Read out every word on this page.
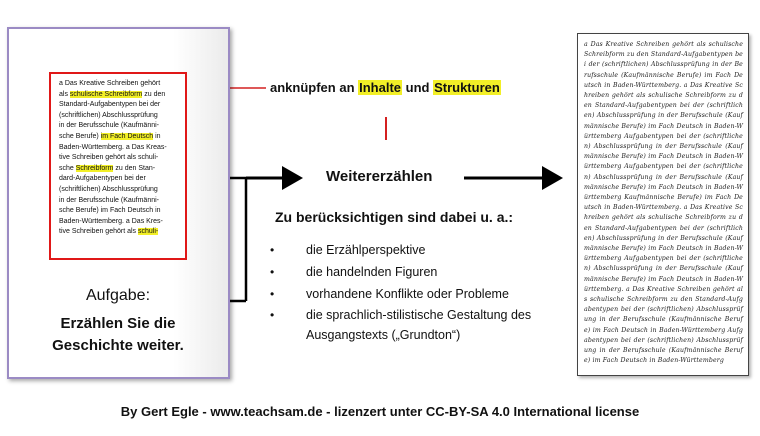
a Das Kreative Schreiben gehört
als schulische Schreibform zu den
Standard-Aufgabentypen bei der
(schriftlichen) Abschlussprüfung
in der Berufsschule (Kaufmänni-
sche Berufe) im Fach Deutsch in
Baden-Württemberg. a Das Kreas-
tive Schreiben gehört als schuli-
sche Schreibform zu den Stan-
dard-Aufgabentypen bei der
(schriftlichen) Abschlussprüfung
in der Berufsschule (Kaufmänni-
sche Berufe) im Fach Deutsch in
Baden-Württemberg. a Das Kres-
tive Schreiben gehört als schuli-

Aufgabe:
Erzählen Sie die
Geschichte weiter.
anknüpfen an Inhalte und Strukturen
Weitererzählen
Zu berücksichtigen sind dabei u. a.:
•	die Erzählperspektive
•	die handelnden Figuren
•	vorhandene Konflikte oder Probleme
•	die sprachlich-stilistische Gestaltung des Ausgangstexts („Grundton“)

a Das Kreative Schreiben gehört als schulische Schreibform zu den Standard-Aufgabentypen bei der (schriftlichen) Abschlussprüfung in der Berufsschule (Kaufmännische Berufe) im Fach Deutsch in Baden-Württemberg. a Das Kreative Schreiben gehört als schulische Schreibform zu den Standard-Aufgabentypen bei der (schriftlichen) Abschlussprüfung in der Berufsschule (Kaufmännische Berufe) im Fach Deutsch in Baden-Württemberg Aufgabentypen bei der (schriftlichen) Abschlussprüfung in der Berufsschule (Kaufmännische Berufe) im Fach Deutsch in Baden-Württemberg Aufgabentypen bei der (schriftlichen) Abschlussprüfung in der Berufsschule (Kaufmännische Berufe) im Fach Deutsch in Baden-Württemberg Kaufmännische Berufe) im Fach Deutsch in Baden-Württemberg. a Das Kreative Schreiben gehört als schulische Schreibform zu den Standard-Aufgabentypen bei der (schriftlichen) Abschlussprüfung in der Berufsschule (Kaufmännische Berufe) im Fach Deutsch in Baden-Württemberg Aufgabentypen bei der (schriftlichen) Abschlussprüfung in der Berufsschule (Kaufmännische Berufe) im Fach Deutsch in Baden-Württemberg. a Das Kreative Schreiben gehört als schulische Schreibform zu den Standard-Aufgabentypen bei der (schriftlichen) Abschlussprüfung in der Berufsschule (Kaufmännische Berufe) im Fach Deutsch in Baden-Württemberg Aufgabentypen bei der (schriftlichen) Abschlussprüfung in der Berufsschule (Kaufmännische Berufe) im Fach Deutsch in Baden-Württemberg

By Gert Egle - www.teachsam.de - lizenzert unter CC-BY-SA 4.0 International license
